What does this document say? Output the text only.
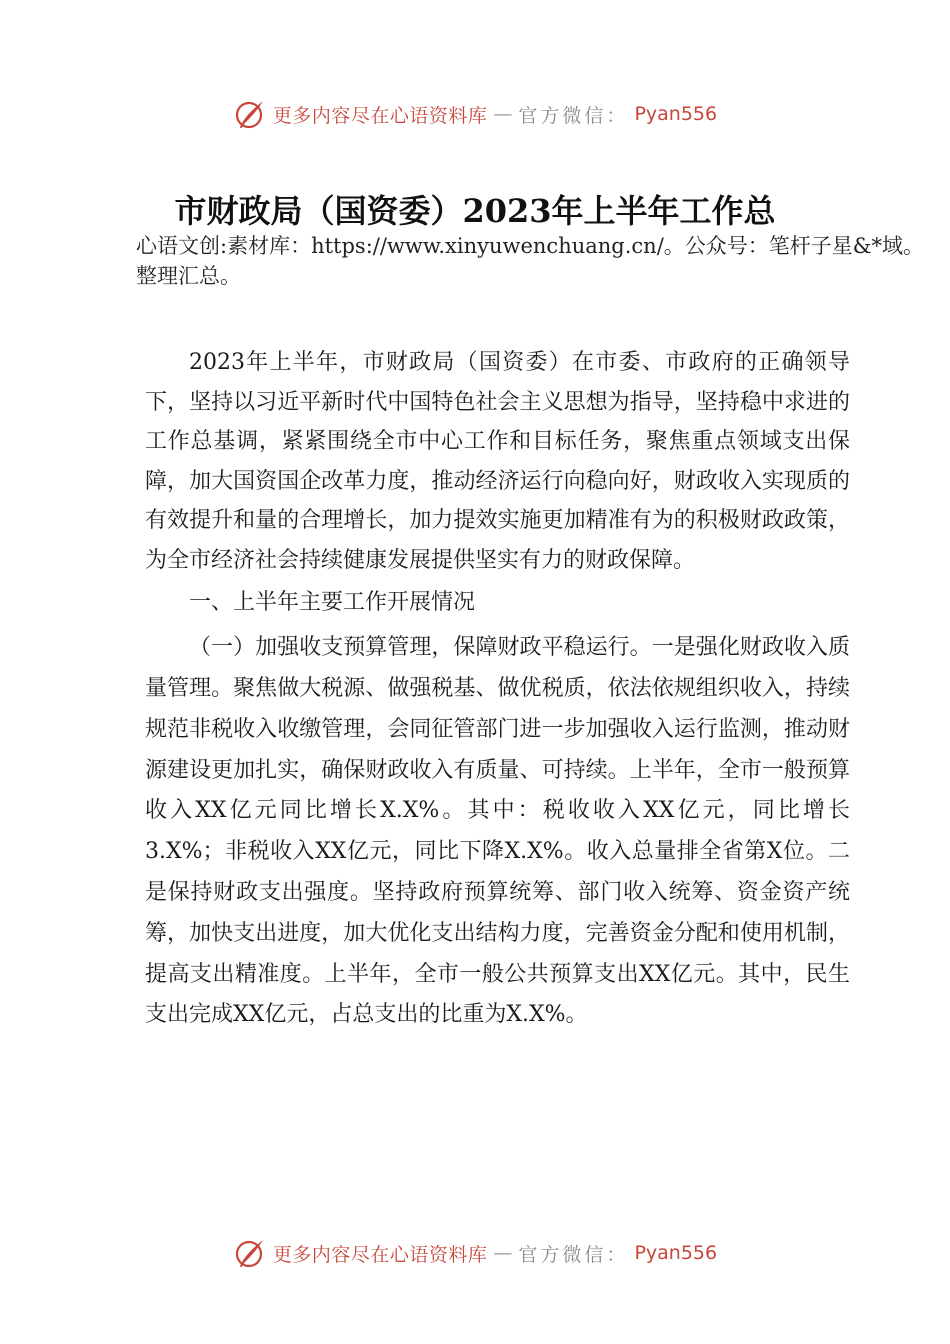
更多内容尽在心语资料库 — 官方微信： Pyan556
市财政局（国资委）2023年上半年工作总
心语文创:素材库：https://www.xinyuwenchuang.cn/。公众号：笔杆子星&*域。整理汇总。

2023年上半年，市财政局（国资委）在市委、市政府的正确领导下，坚持以习近平新时代中国特色社会主义思想为指导，坚持稳中求进的工作总基调，紧紧围绕全市中心工作和目标任务，聚焦重点领域支出保障，加大国资国企改革力度，推动经济运行向稳向好，财政收入实现质的有效提升和量的合理增长，加力提效实施更加精准有为的积极财政政策，为全市经济社会持续健康发展提供坚实有力的财政保障。

一、上半年主要工作开展情况

（一）加强收支预算管理，保障财政平稳运行。一是强化财政收入质量管理。聚焦做大税源、做强税基、做优税质，依法依规组织收入，持续规范非税收入收缴管理，会同征管部门进一步加强收入运行监测，推动财源建设更加扎实，确保财政收入有质量、可持续。上半年，全市一般预算收入XX亿元同比增长X.X%。其中：税收收入XX亿元，同比增长3.X%；非税收入XX亿元，同比下降X.X%。收入总量排全省第X位。二是保持财政支出强度。坚持政府预算统筹、部门收入统筹、资金资产统筹，加快支出进度，加大优化支出结构力度，完善资金分配和使用机制，提高支出精准度。上半年，全市一般公共预算支出XX亿元。其中，民生支出完成XX亿元，占总支出的比重为X.X%。

更多内容尽在心语资料库 — 官方微信： Pyan556
